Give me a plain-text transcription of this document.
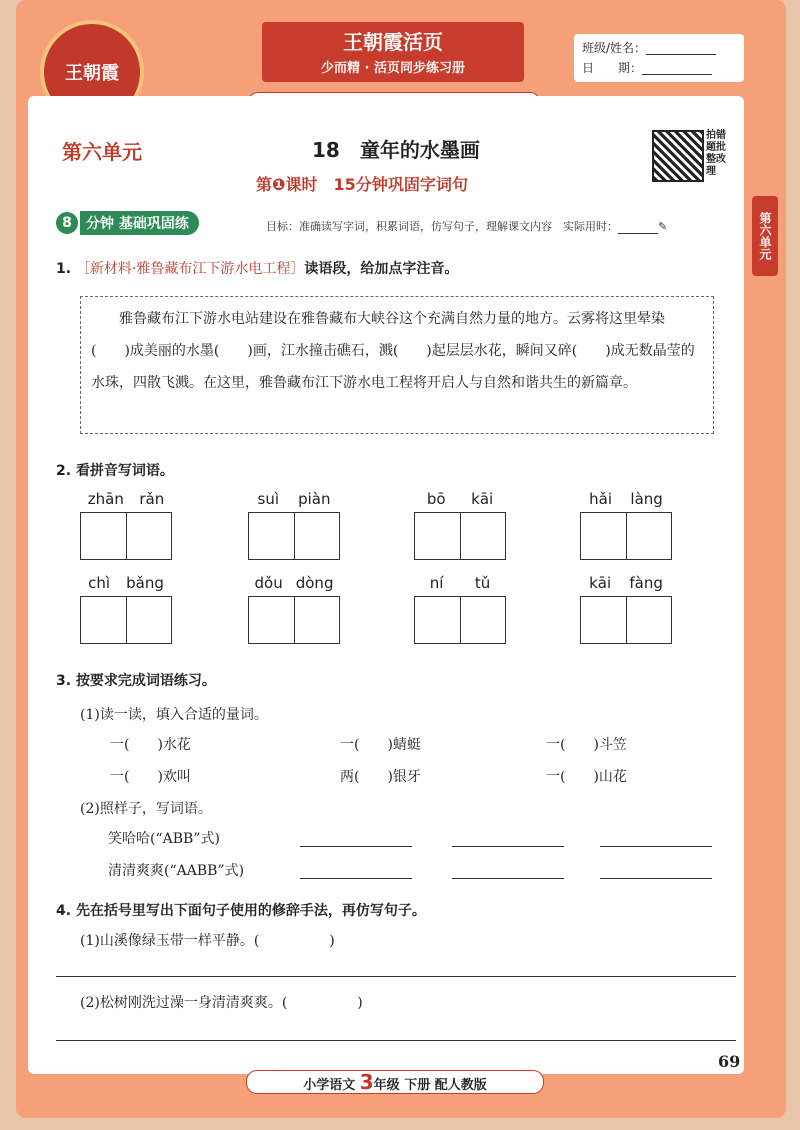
王朝霞
王朝霞活页
少而精 · 活页同步练习册
班级/姓名：
日　　期：
第六单元	18　童年的水墨画
第❶课时　15分钟巩固字词句
拍错题批整改理
第六单元
8	分钟 基础巩固练	目标：准确读写字词，积累词语，仿写句子，理解课文内容　实际用时：	✎
1. ［新材料·雅鲁藏布江下游水电工程］读语段，给加点字注音。
　　雅鲁藏布江下游水电站建设在雅鲁藏布大峡谷这个充满自然力量的地方。云雾将这里晕染(　　)成美丽的水墨(　　)画，江水撞击礁石，溅(　　)起层层水花，瞬间又碎(　　)成无数晶莹的水珠，四散飞溅。在这里，雅鲁藏布江下游水电工程将开启人与自然和谐共生的新篇章。
2. 看拼音写词语。
zhān rǎn	suì piàn	bō kāi	hǎi làng
chì bǎng	dǒu dòng	ní tǔ	kāi fàng
3. 按要求完成词语练习。
(1)读一读，填入合适的量词。
一(　　)水花	一(　　)蜻蜓	一(　　)斗笠
一(　　)欢叫	两(　　)银牙	一(　　)山花
(2)照样子，写词语。
笑哈哈(“ABB”式)
清清爽爽(“AABB”式)
4. 先在括号里写出下面句子使用的修辞手法，再仿写句子。
(1)山溪像绿玉带一样平静。(　　　　　)
(2)松树刚洗过澡一身清清爽爽。(　　　　　)
小学语文 3年级 下册 配人教版
69
